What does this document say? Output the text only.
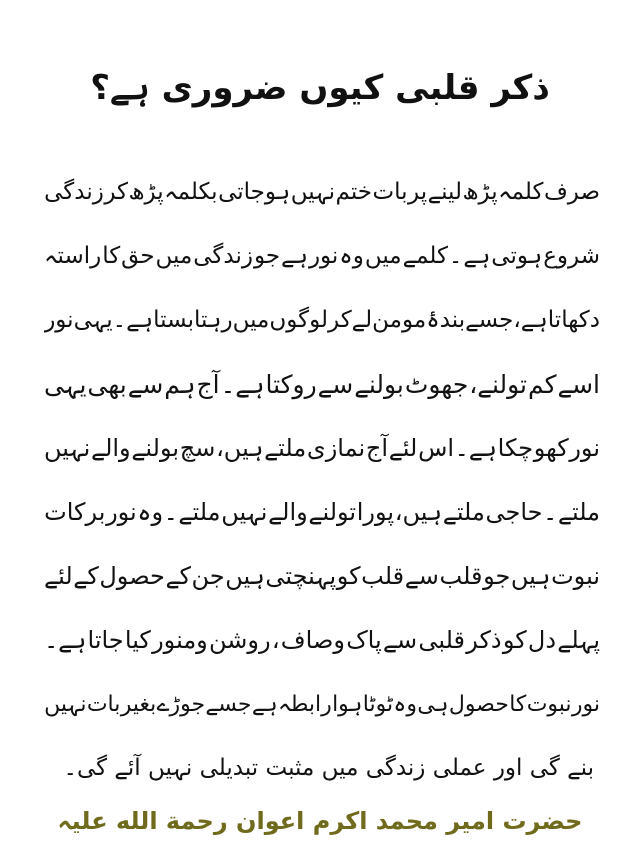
ذکر قلبی کیوں ضروری ہے؟
صرف
کلمہ
پڑھ
لینے
پر
بات
ختم
نہیں
ہوجاتی
بکلمہ
پڑھ
کر
زندگی
شروع
ہوتی
ہے
۔
کلمے
میں
وہ
نور
ہے
جو
زندگی
میں
حق
کا
راستہ
دکھاتا
ہے،
جسے
بندۂ
مومن
لے
کر
لوگوں
میں
رہتا
بستا
ہے۔
یہی
نور
اسے
کم
تولنے،
جھوٹ
بولنے
سے
روکتا
ہے۔
آج
ہم
سے
بھی
یہی
نور
کھو
چکا
ہے۔
اس
لئے
آج
نمازی
ملتے
ہیں،
سچ
بولنے
والے
نہیں
ملتے
۔
حاجی
ملتے
ہیں،
پورا
تولنے
والے
نہیں
ملتے
۔
وہ
نور
برکات
نبوت
ہیں
جو
قلب
سے
قلب
کو
پہنچتی
ہیں
جن
کے
حصول
کے
لئے
پہلے
دل
کو
ذکر
قلبی
سے
پاک
وصاف
،
روشن
ومنور
کیا
جاتا
ہے۔
نور
نبوت
کا
حصول
ہی
وہ
ٹوٹا
ہوا
رابطہ
ہے
جسے
جوڑے
بغیر
بات
نہیں
بنے گی اور عملی زندگی میں مثبت تبدیلی نہیں آئے گی۔
حضرت امیر محمد اکرم اعوان رحمة الله علیہ
